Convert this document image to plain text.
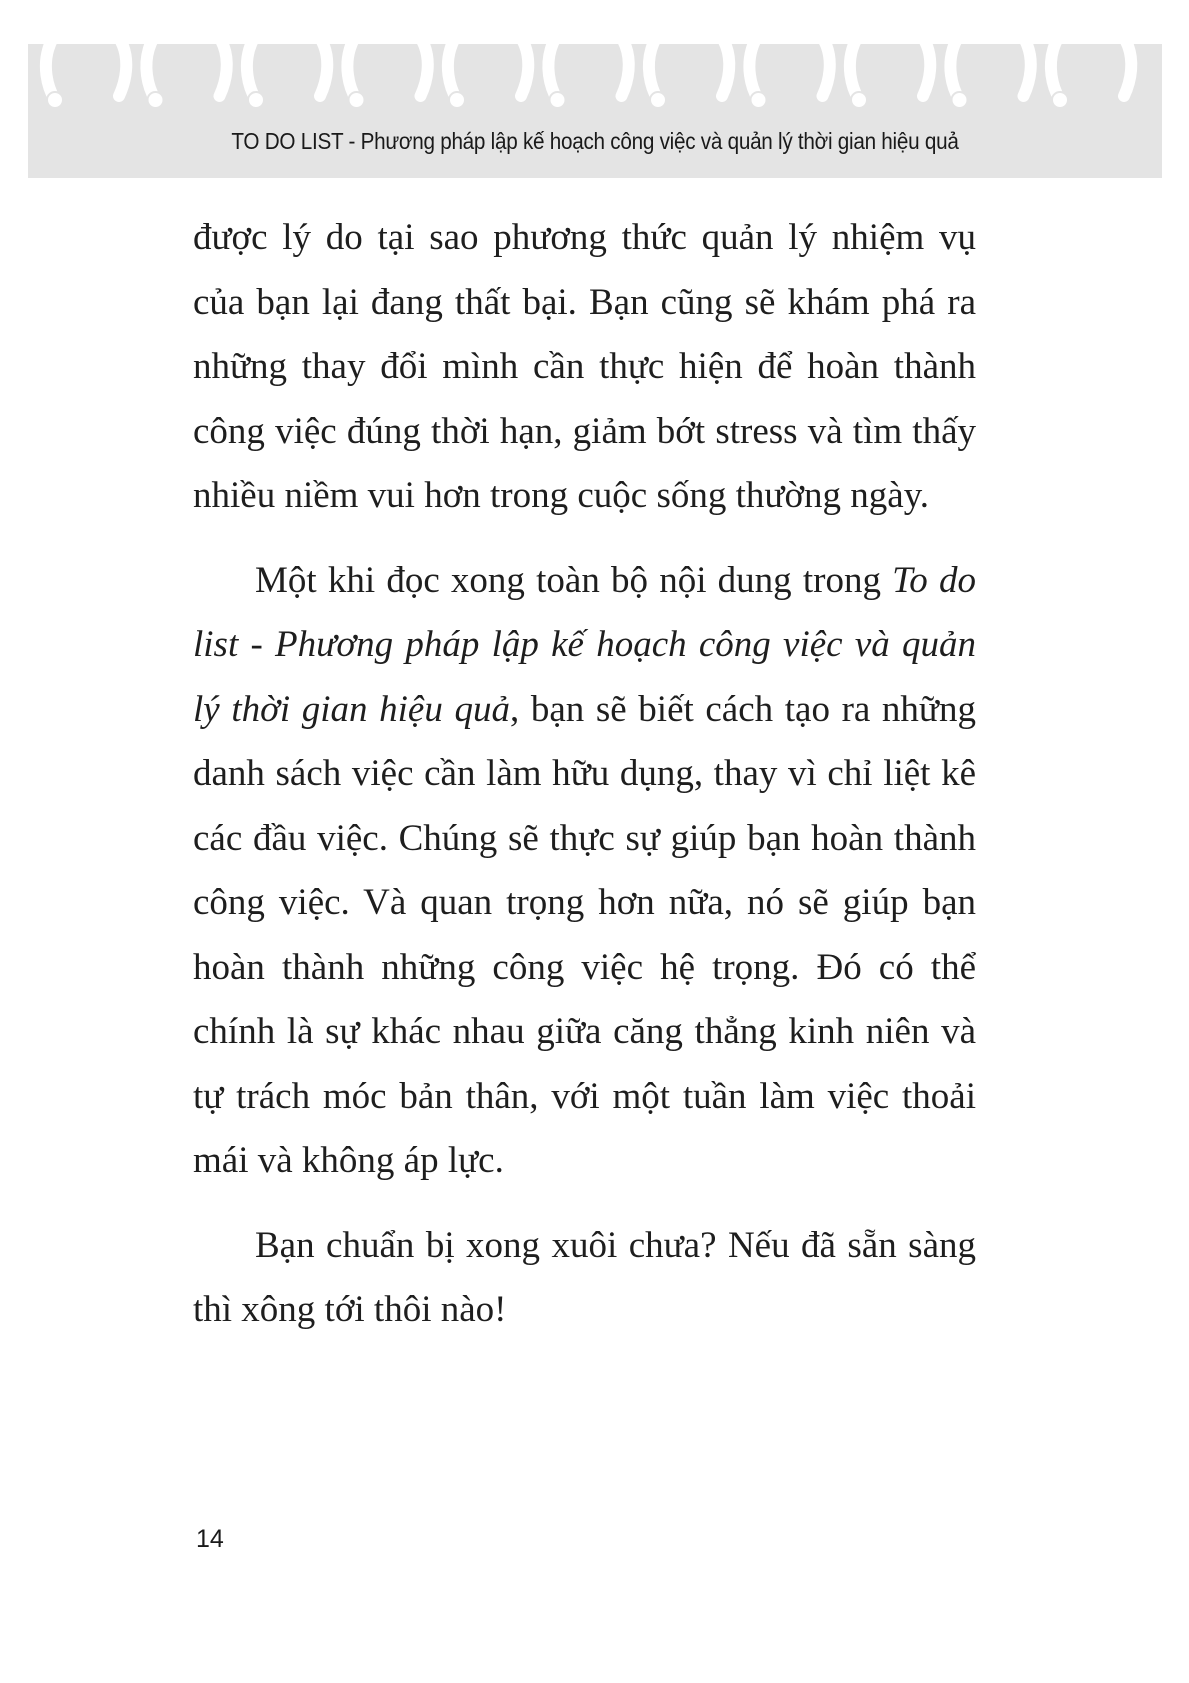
TO DO LIST - Phương pháp lập kế hoạch công việc và quản lý thời gian hiệu quả

được lý do tại sao phương thức quản lý nhiệm vụ của bạn lại đang thất bại. Bạn cũng sẽ khám phá ra những thay đổi mình cần thực hiện để hoàn thành công việc đúng thời hạn, giảm bớt stress và tìm thấy nhiều niềm vui hơn trong cuộc sống thường ngày.

Một khi đọc xong toàn bộ nội dung trong To do list - Phương pháp lập kế hoạch công việc và quản lý thời gian hiệu quả, bạn sẽ biết cách tạo ra những danh sách việc cần làm hữu dụng, thay vì chỉ liệt kê các đầu việc. Chúng sẽ thực sự giúp bạn hoàn thành công việc. Và quan trọng hơn nữa, nó sẽ giúp bạn hoàn thành những công việc hệ trọng. Đó có thể chính là sự khác nhau giữa căng thẳng kinh niên và tự trách móc bản thân, với một tuần làm việc thoải mái và không áp lực.

Bạn chuẩn bị xong xuôi chưa? Nếu đã sẵn sàng thì xông tới thôi nào!

14
